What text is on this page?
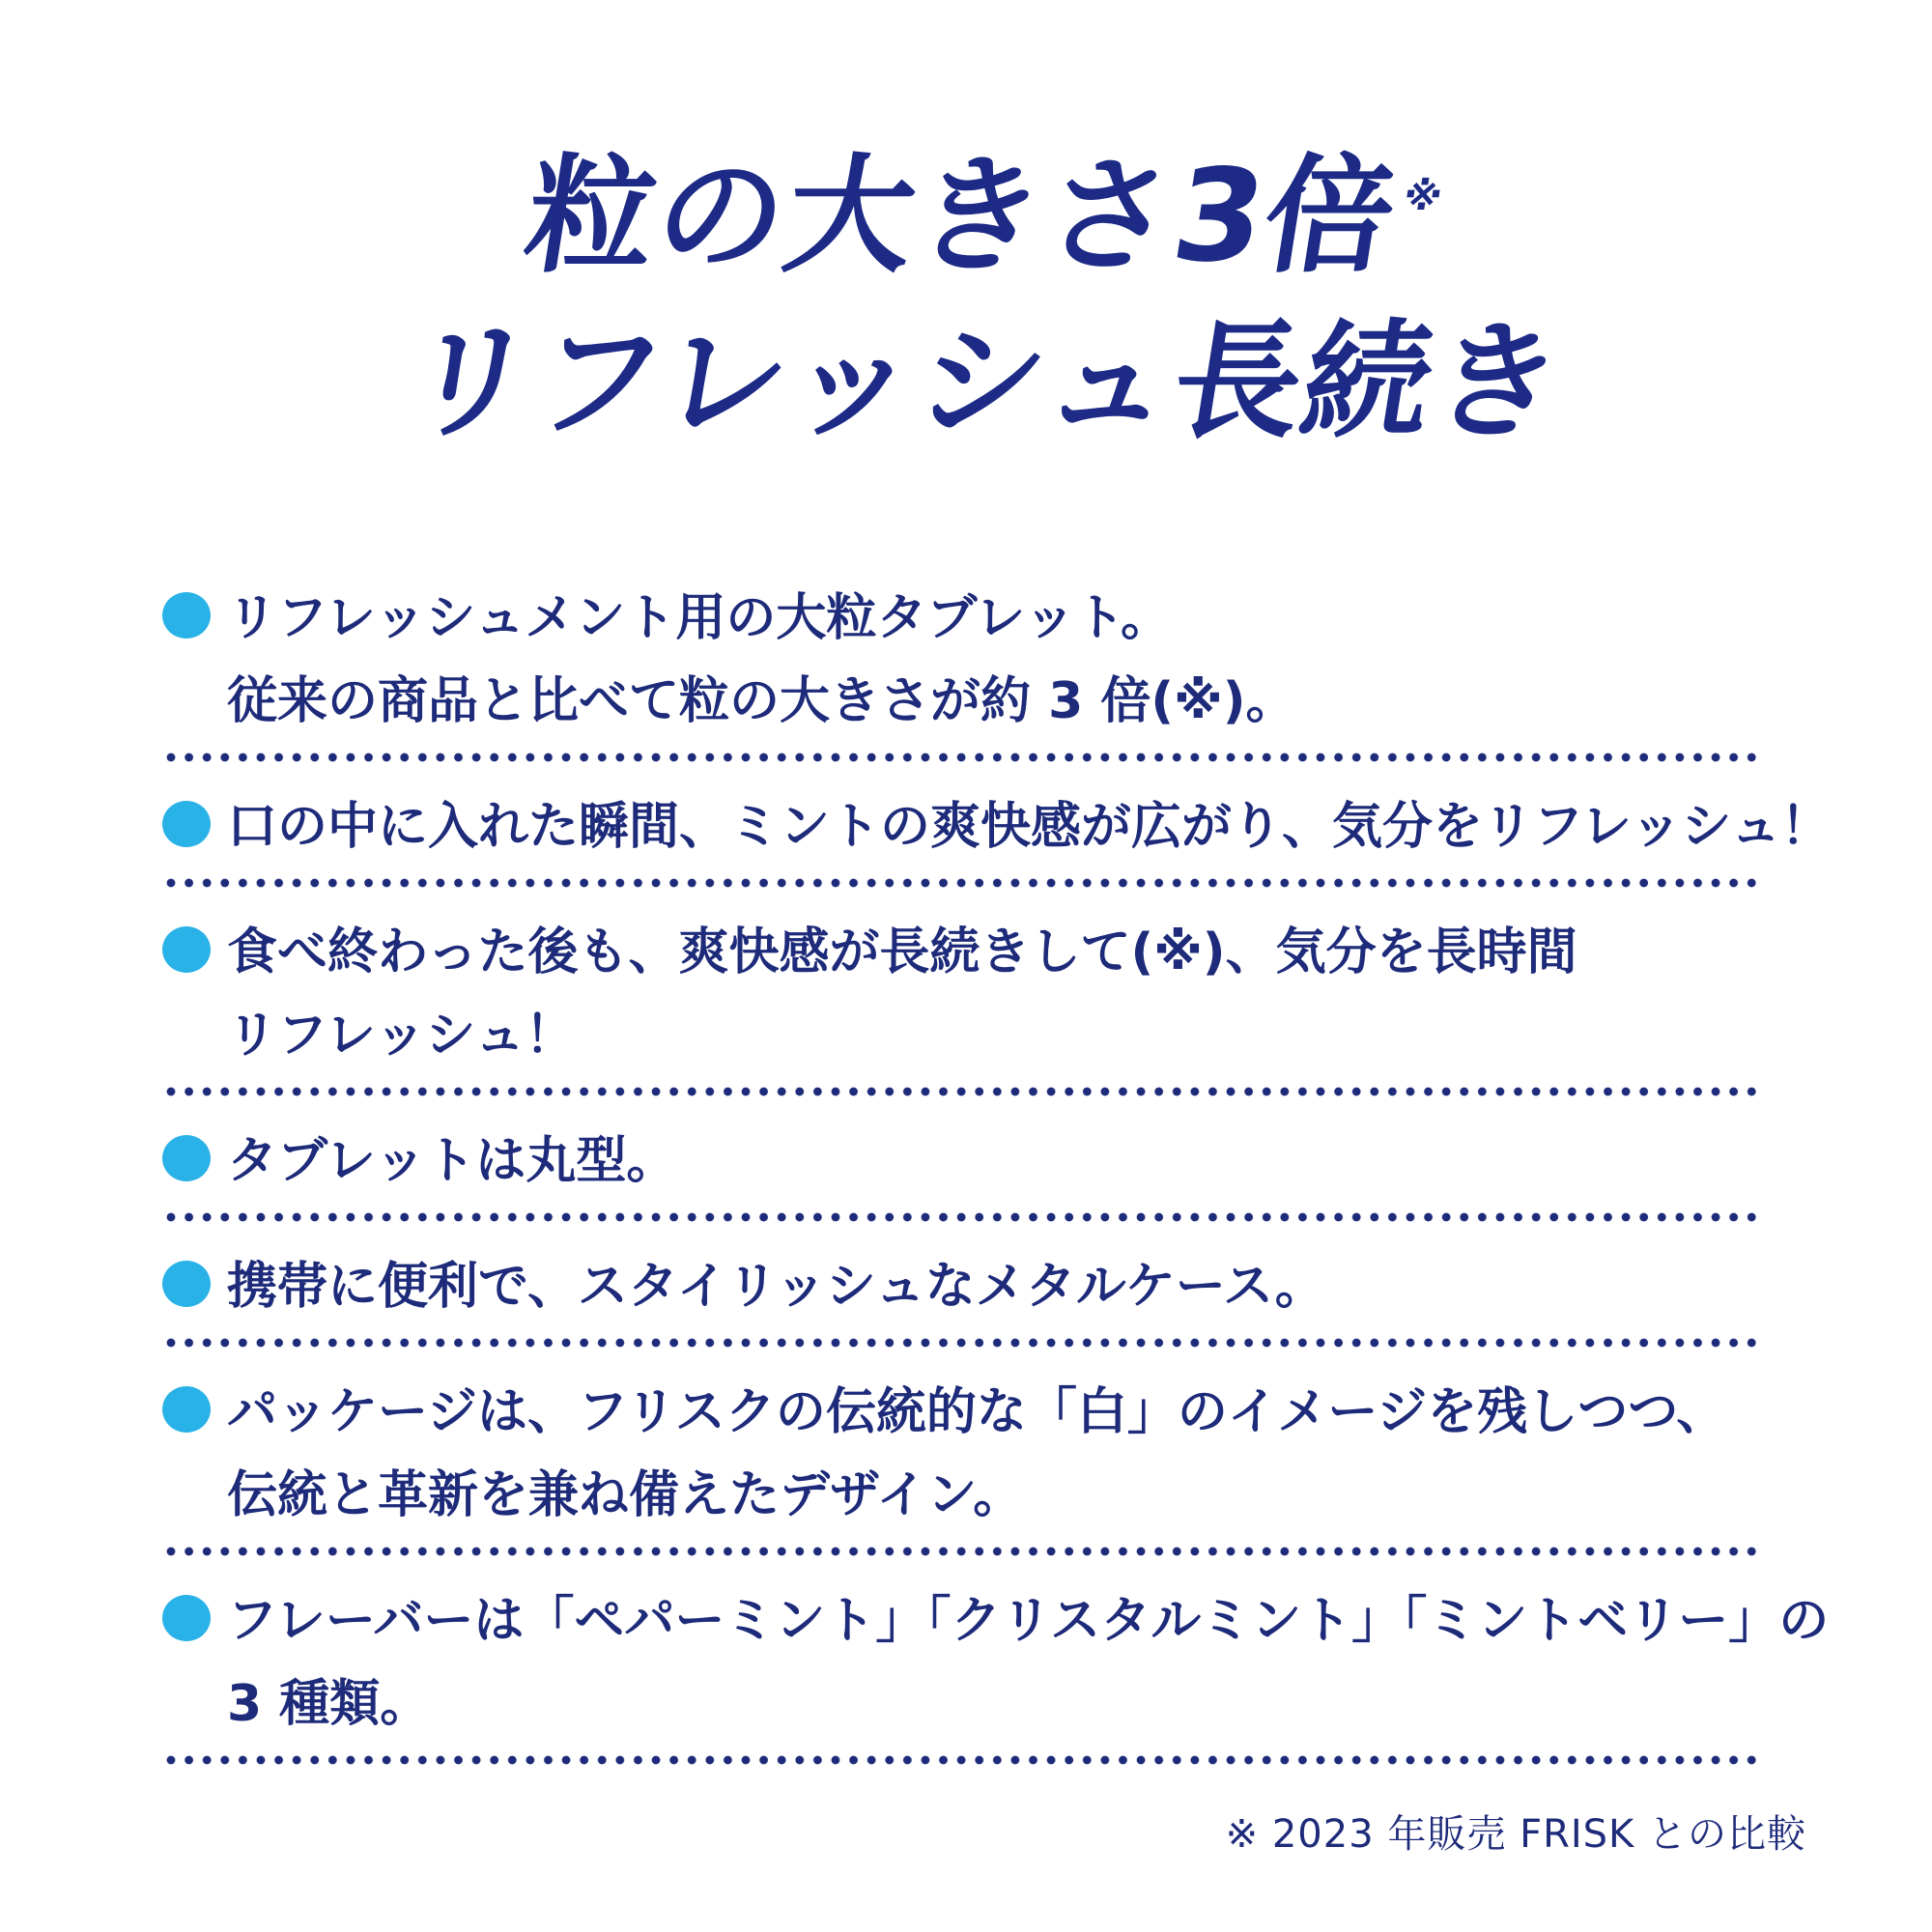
粒の大きさ3倍※
リフレッシュ長続き
リフレッシュメント用の大粒タブレット。
従来の商品と比べて粒の大きさが約 3 倍(※)。
口の中に入れた瞬間、ミントの爽快感が広がり、気分をリフレッシュ！
食べ終わった後も、爽快感が長続きして(※)、気分を長時間
リフレッシュ！
タブレットは丸型。
携帯に便利で、スタイリッシュなメタルケース。
パッケージは、フリスクの伝統的な「白」のイメージを残しつつ、
伝統と革新を兼ね備えたデザイン。
フレーバーは「ペパーミント」「クリスタルミント」「ミントベリー」の
3 種類。
※ 2023 年販売 FRISK との比較
